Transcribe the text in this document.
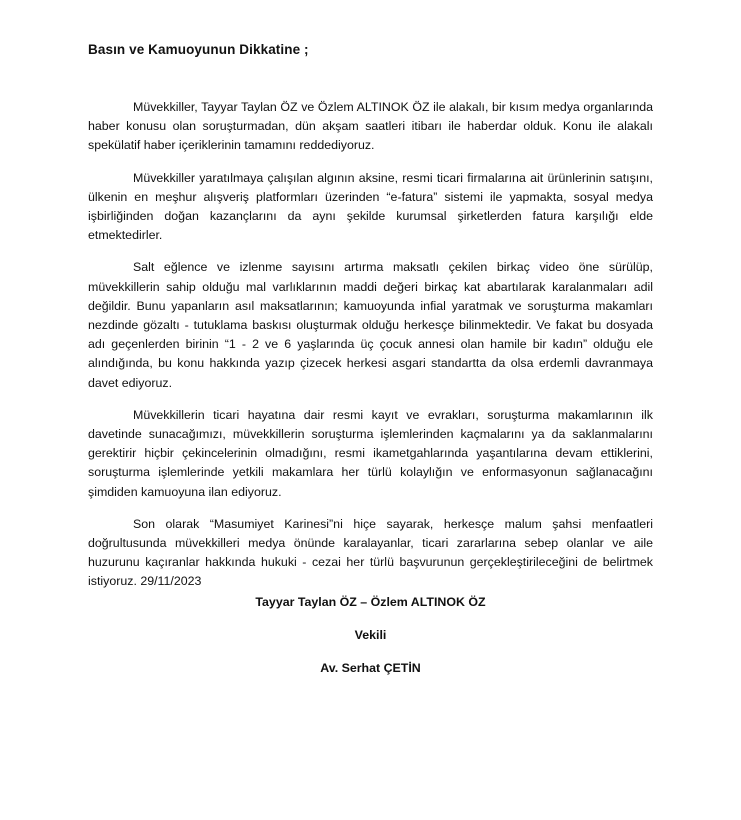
Basın ve Kamuoyunun Dikkatine ;

Müvekkiller, Tayyar Taylan ÖZ ve Özlem ALTINOK ÖZ ile alakalı, bir kısım medya organlarında haber konusu olan soruşturmadan, dün akşam saatleri itibarı ile haberdar olduk. Konu ile alakalı spekülatif haber içeriklerinin tamamını reddediyoruz.

Müvekkiller yaratılmaya çalışılan algının aksine, resmi ticari firmalarına ait ürünlerinin satışını, ülkenin en meşhur alışveriş platformları üzerinden “e-fatura” sistemi ile yapmakta, sosyal medya işbirliğinden doğan kazançlarını da aynı şekilde kurumsal şirketlerden fatura karşılığı elde etmektedirler.

Salt eğlence ve izlenme sayısını artırma maksatlı çekilen birkaç video öne sürülüp, müvekkillerin sahip olduğu mal varlıklarının maddi değeri birkaç kat abartılarak karalanmaları adil değildir. Bunu yapanların asıl maksatlarının; kamuoyunda infial yaratmak ve soruşturma makamları nezdinde gözaltı - tutuklama baskısı oluşturmak olduğu herkesçe bilinmektedir. Ve fakat bu dosyada adı geçenlerden birinin “1 - 2 ve 6 yaşlarında üç çocuk annesi olan hamile bir kadın” olduğu ele alındığında, bu konu hakkında yazıp çizecek herkesi asgari standartta da olsa erdemli davranmaya davet ediyoruz.

Müvekkillerin ticari hayatına dair resmi kayıt ve evrakları, soruşturma makamlarının ilk davetinde sunacağımızı, müvekkillerin soruşturma işlemlerinden kaçmalarını ya da saklanmalarını gerektirir hiçbir çekincelerinin olmadığını, resmi ikametgahlarında yaşantılarına devam ettiklerini, soruşturma işlemlerinde yetkili makamlara her türlü kolaylığın ve enformasyonun sağlanacağını şimdiden kamuoyuna ilan ediyoruz.

Son olarak “Masumiyet Karinesi”ni hiçe sayarak, herkesçe malum şahsi menfaatleri doğrultusunda müvekkilleri medya önünde karalayanlar, ticari zararlarına sebep olanlar ve aile huzurunu kaçıranlar hakkında hukuki - cezai her türlü başvurunun gerçekleştirileceğini de belirtmek istiyoruz. 29/11/2023

Tayyar Taylan ÖZ – Özlem ALTINOK ÖZ
Vekili
Av. Serhat ÇETİN
